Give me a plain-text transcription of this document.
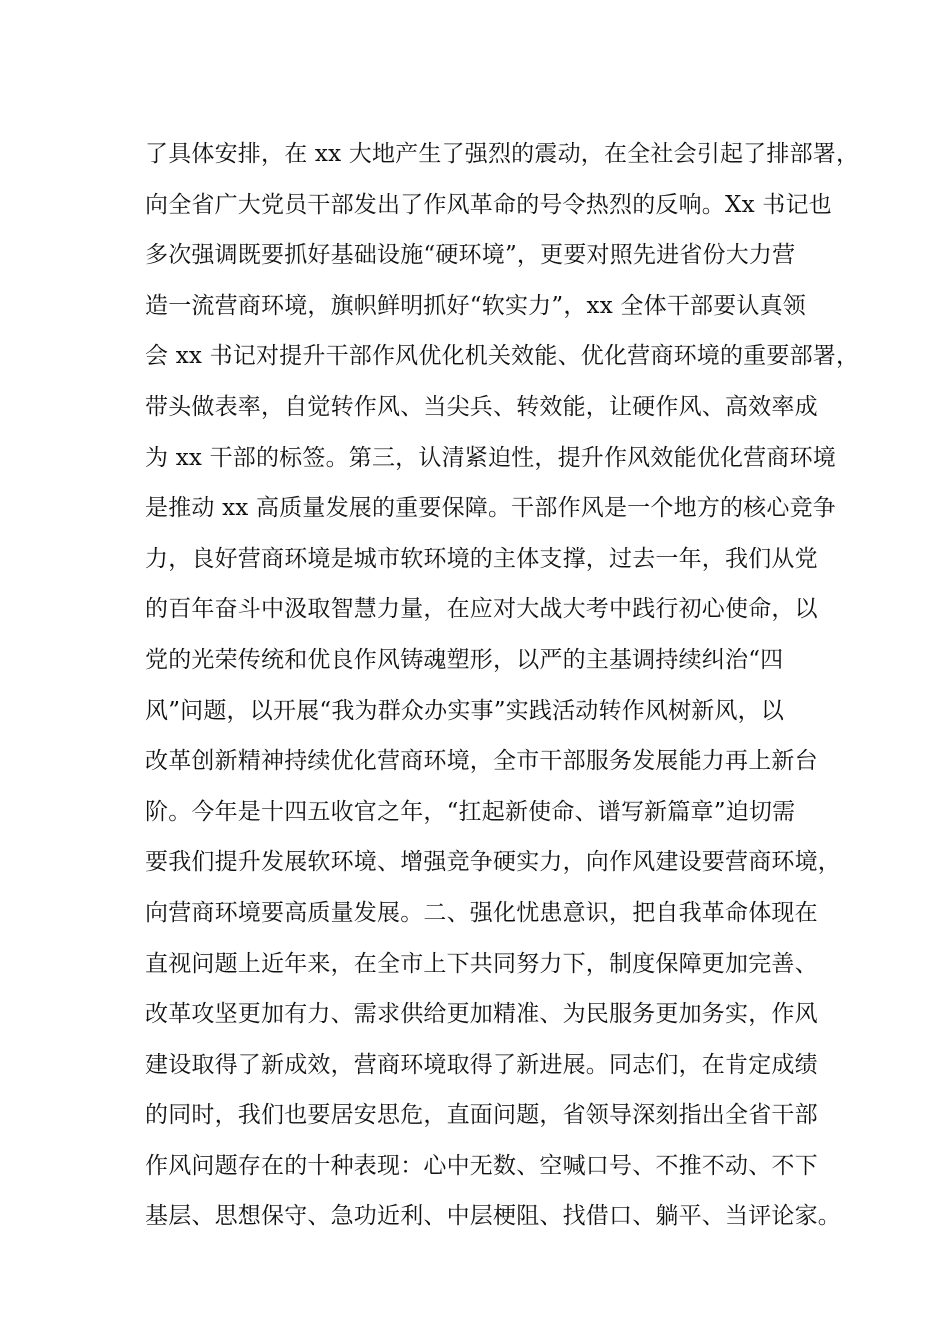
了具体安排，在 xx 大地产生了强烈的震动，在全社会引起了排部署，
向全省广大党员干部发出了作风革命的号令热烈的反响。Xx 书记也
多次强调既要抓好基础设施“硬环境”，更要对照先进省份大力营
造一流营商环境，旗帜鲜明抓好“软实力”，xx 全体干部要认真领
会 xx 书记对提升干部作风优化机关效能、优化营商环境的重要部署，
带头做表率，自觉转作风、当尖兵、转效能，让硬作风、高效率成
为 xx 干部的标签。第三，认清紧迫性，提升作风效能优化营商环境
是推动 xx 高质量发展的重要保障。干部作风是一个地方的核心竞争
力，良好营商环境是城市软环境的主体支撑，过去一年，我们从党
的百年奋斗中汲取智慧力量，在应对大战大考中践行初心使命，以
党的光荣传统和优良作风铸魂塑形，以严的主基调持续纠治“四
风”问题，以开展“我为群众办实事”实践活动转作风树新风，以
改革创新精神持续优化营商环境，全市干部服务发展能力再上新台
阶。今年是十四五收官之年，“扛起新使命、谱写新篇章”迫切需
要我们提升发展软环境、增强竞争硬实力，向作风建设要营商环境，
向营商环境要高质量发展。二、强化忧患意识，把自我革命体现在
直视问题上近年来，在全市上下共同努力下，制度保障更加完善、
改革攻坚更加有力、需求供给更加精准、为民服务更加务实，作风
建设取得了新成效，营商环境取得了新进展。同志们，在肯定成绩
的同时，我们也要居安思危，直面问题，省领导深刻指出全省干部
作风问题存在的十种表现：心中无数、空喊口号、不推不动、不下
基层、思想保守、急功近利、中层梗阻、找借口、躺平、当评论家。
